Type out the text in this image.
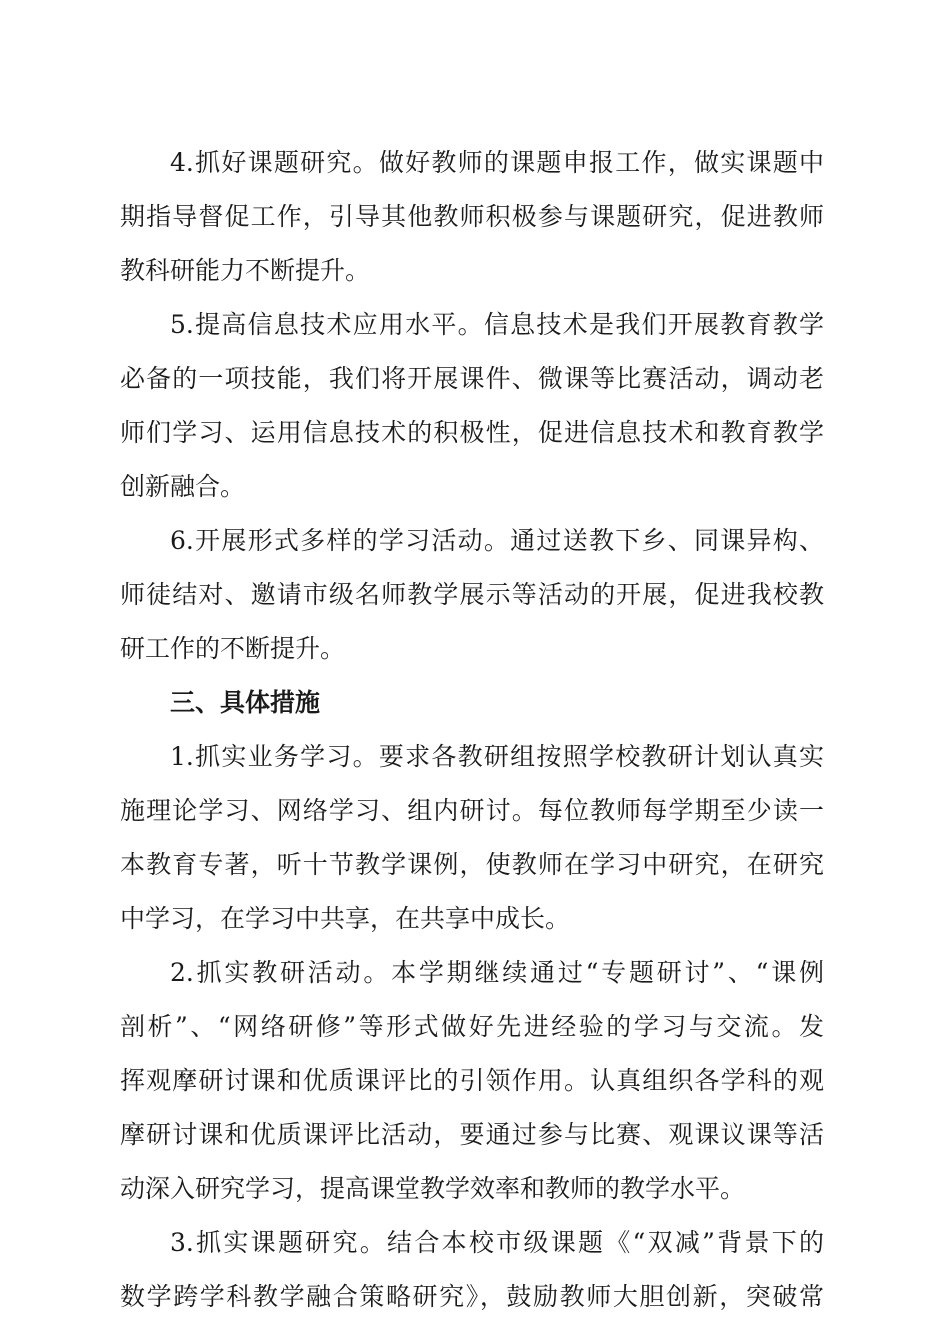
4.抓好课题研究。做好教师的课题申报工作，做实课题中
期指导督促工作，引导其他教师积极参与课题研究，促进教师
教科研能力不断提升。
5.提高信息技术应用水平。信息技术是我们开展教育教学
必备的一项技能，我们将开展课件、微课等比赛活动，调动老
师们学习、运用信息技术的积极性，促进信息技术和教育教学
创新融合。
6.开展形式多样的学习活动。通过送教下乡、同课异构、
师徒结对、邀请市级名师教学展示等活动的开展，促进我校教
研工作的不断提升。
三、具体措施
1.抓实业务学习。要求各教研组按照学校教研计划认真实
施理论学习、网络学习、组内研讨。每位教师每学期至少读一
本教育专著，听十节教学课例，使教师在学习中研究，在研究
中学习，在学习中共享，在共享中成长。
2.抓实教研活动。本学期继续通过“专题研讨”、“课例
剖析”、“网络研修”等形式做好先进经验的学习与交流。发
挥观摩研讨课和优质课评比的引领作用。认真组织各学科的观
摩研讨课和优质课评比活动，要通过参与比赛、观课议课等活
动深入研究学习，提高课堂教学效率和教师的教学水平。
3.抓实课题研究。结合本校市级课题《“双减”背景下的
数学跨学科教学融合策略研究》，鼓励教师大胆创新，突破常
